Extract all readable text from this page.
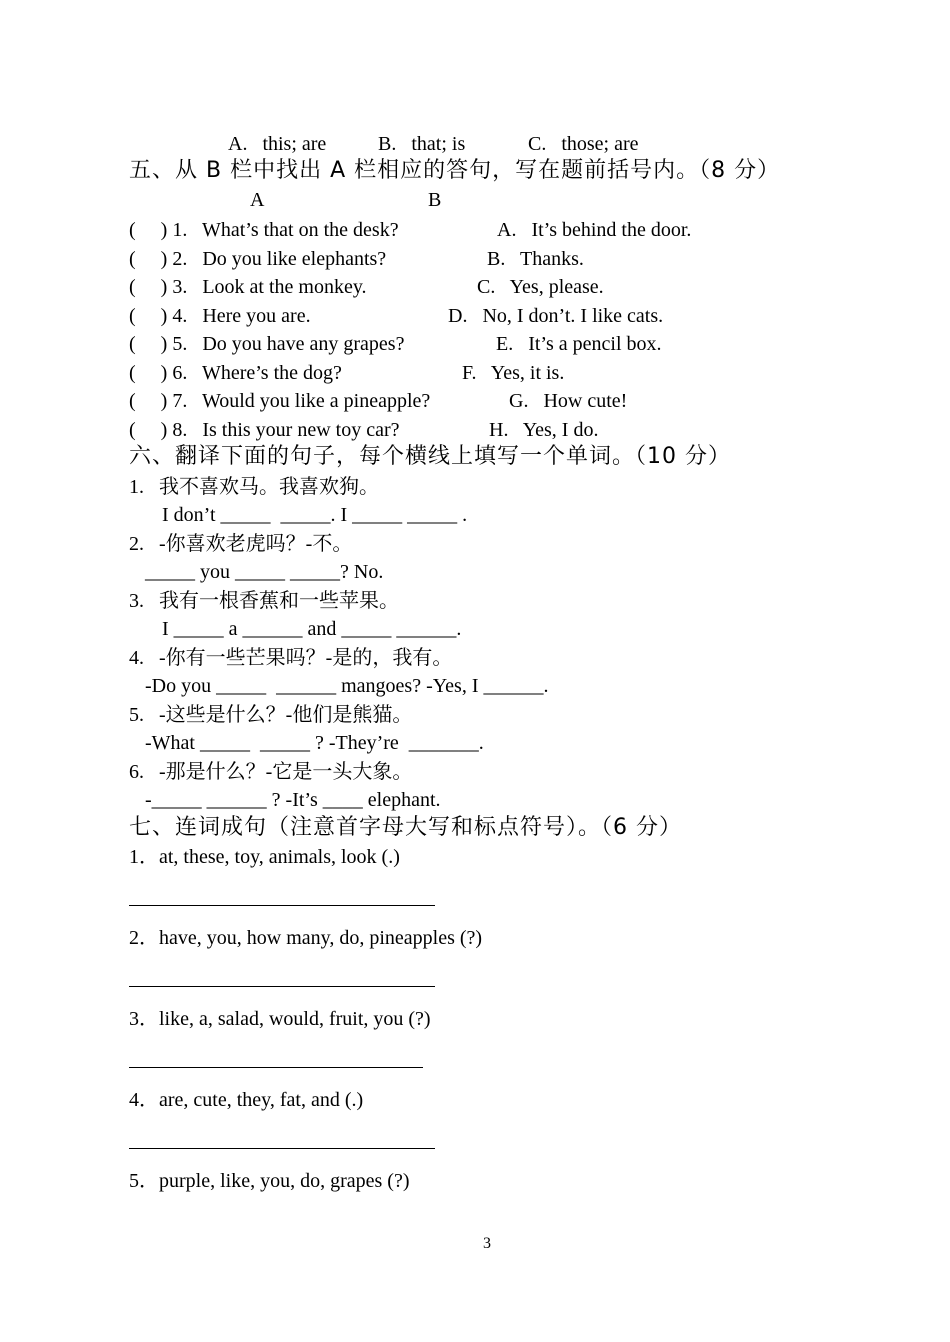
A.   this; are	B.   that; is	C.   those; are
五、从 B 栏中找出 A 栏相应的答句，写在题前括号内。（8 分）
A	B
(     ) 1.   What’s that on the desk?	A.   It’s behind the door.
(     ) 2.   Do you like elephants?	B.   Thanks.
(     ) 3.   Look at the monkey.	C.   Yes, please.
(     ) 4.   Here you are.	D.   No, I don’t. I like cats.
(     ) 5.   Do you have any grapes?	E.   It’s a pencil box.
(     ) 6.   Where’s the dog?	F.   Yes, it is.
(     ) 7.   Would you like a pineapple?	G.   How cute!
(     ) 8.   Is this your new toy car?	H.   Yes, I do.
六、翻译下面的句子，每个横线上填写一个单词。（10 分）
1.   我不喜欢马。我喜欢狗。
I don’t _____  _____. I _____ _____ .
2.   -你喜欢老虎吗？-不。
_____ you _____ _____? No.
3.   我有一根香蕉和一些苹果。
I _____ a ______ and _____ ______.
4.   -你有一些芒果吗？-是的，我有。
-Do you _____  ______ mangoes? -Yes, I ______.
5.   -这些是什么？-他们是熊猫。
-What _____  _____ ? -They’re  _______.
6.   -那是什么？-它是一头大象。
-_____ ______ ? -It’s ____ elephant.
七、连词成句（注意首字母大写和标点符号）。（6 分）
1．at, these, toy, animals, look (.)
2．have, you, how many, do, pineapples (?)
3．like, a, salad, would, fruit, you (?)
4．are, cute, they, fat, and (.)
5．purple, like, you, do, grapes (?)
3
